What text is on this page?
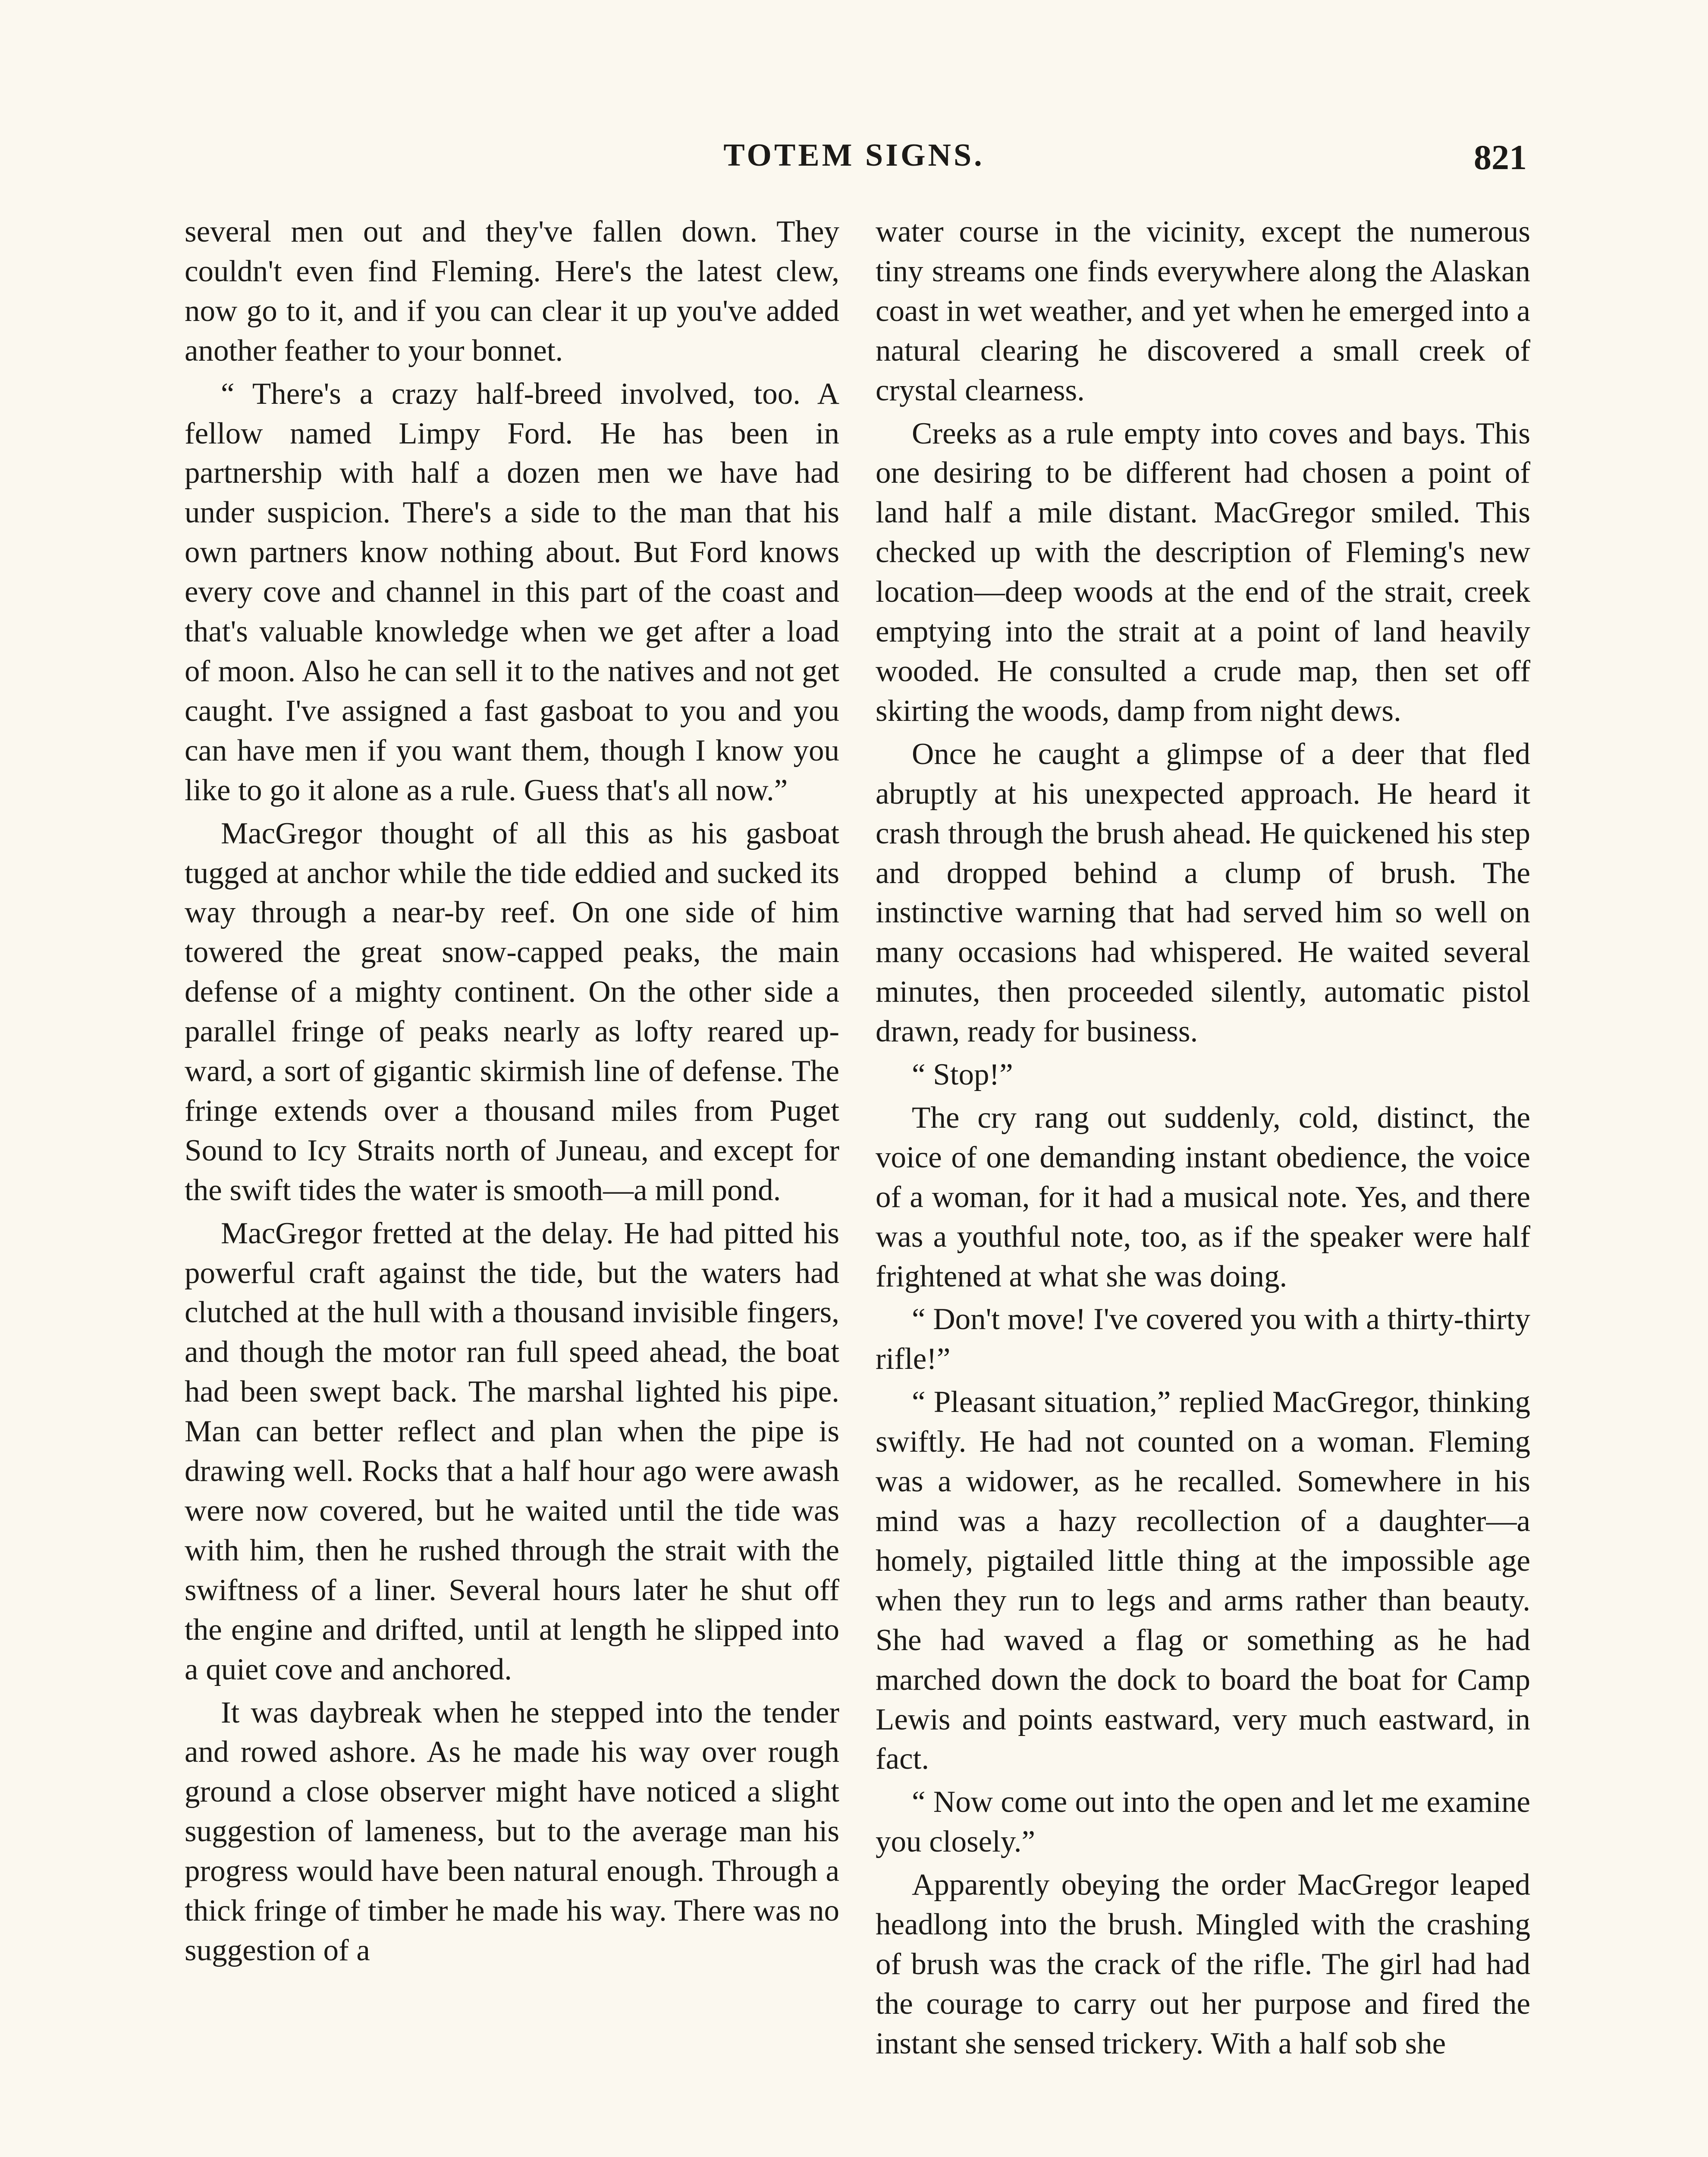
TOTEM SIGNS.	821

several men out and they've fallen down. They couldn't even find Fleming. Here's the latest clew, now go to it, and if you can clear it up you've added another feather to your bonnet.

“ There's a crazy half-breed involved, too. A fellow named Limpy Ford. He has been in partnership with half a dozen men we have had under suspicion. There's a side to the man that his own partners know nothing about. But Ford knows every cove and channel in this part of the coast and that's valuable knowledge when we get after a load of moon. Also he can sell it to the natives and not get caught. I've assigned a fast gasboat to you and you can have men if you want them, though I know you like to go it alone as a rule. Guess that's all now.”

MacGregor thought of all this as his gasboat tugged at anchor while the tide eddied and sucked its way through a near-by reef. On one side of him towered the great snow-capped peaks, the main defense of a mighty continent. On the other side a parallel fringe of peaks nearly as lofty reared upward, a sort of gigantic skirmish line of defense. The fringe extends over a thousand miles from Puget Sound to Icy Straits north of Juneau, and except for the swift tides the water is smooth—a mill pond.

MacGregor fretted at the delay. He had pitted his powerful craft against the tide, but the waters had clutched at the hull with a thousand invisible fingers, and though the motor ran full speed ahead, the boat had been swept back. The marshal lighted his pipe. Man can better reflect and plan when the pipe is drawing well. Rocks that a half hour ago were awash were now covered, but he waited until the tide was with him, then he rushed through the strait with the swiftness of a liner. Several hours later he shut off the engine and drifted, until at length he slipped into a quiet cove and anchored.

It was daybreak when he stepped into the tender and rowed ashore. As he made his way over rough ground a close observer might have noticed a slight suggestion of lameness, but to the average man his progress would have been natural enough. Through a thick fringe of timber he made his way. There was no suggestion of a

water course in the vicinity, except the numerous tiny streams one finds everywhere along the Alaskan coast in wet weather, and yet when he emerged into a natural clearing he discovered a small creek of crystal clearness.

Creeks as a rule empty into coves and bays. This one desiring to be different had chosen a point of land half a mile distant. MacGregor smiled. This checked up with the description of Fleming's new location—deep woods at the end of the strait, creek emptying into the strait at a point of land heavily wooded. He consulted a crude map, then set off skirting the woods, damp from night dews.

Once he caught a glimpse of a deer that fled abruptly at his unexpected approach. He heard it crash through the brush ahead. He quickened his step and dropped behind a clump of brush. The instinctive warning that had served him so well on many occasions had whispered. He waited several minutes, then proceeded silently, automatic pistol drawn, ready for business.

“ Stop!”

The cry rang out suddenly, cold, distinct, the voice of one demanding instant obedience, the voice of a woman, for it had a musical note. Yes, and there was a youthful note, too, as if the speaker were half frightened at what she was doing.

“ Don't move! I've covered you with a thirty-thirty rifle!”

“ Pleasant situation,” replied MacGregor, thinking swiftly. He had not counted on a woman. Fleming was a widower, as he recalled. Somewhere in his mind was a hazy recollection of a daughter—a homely, pigtailed little thing at the impossible age when they run to legs and arms rather than beauty. She had waved a flag or something as he had marched down the dock to board the boat for Camp Lewis and points eastward, very much eastward, in fact.

“ Now come out into the open and let me examine you closely.”

Apparently obeying the order MacGregor leaped headlong into the brush. Mingled with the crashing of brush was the crack of the rifle. The girl had had the courage to carry out her purpose and fired the instant she sensed trickery. With a half sob she
